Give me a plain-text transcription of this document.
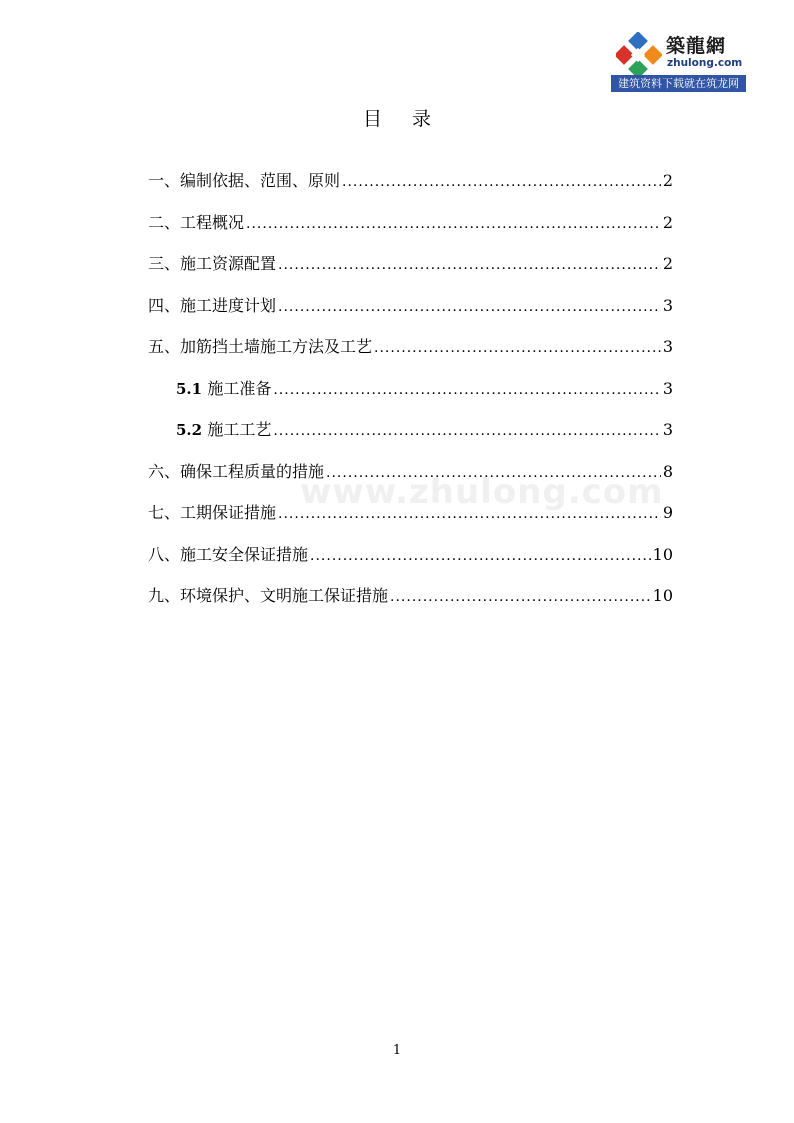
築龍網
zhulong.com
建筑资料下载就在筑龙网
目录
www.zhulong.com
一、编制依据、范围、原则 .....	2
二、工程概况 .....	2
三、施工资源配置 .....	2
四、施工进度计划 .....	3
五、加筋挡土墙施工方法及工艺 .....	3
5.1 施工准备 .....	3
5.2 施工工艺 .....	3
六、确保工程质量的措施 .....	8
七、工期保证措施 .....	9
八、施工安全保证措施 .....	10
九、环境保护、文明施工保证措施 .....	10
1
